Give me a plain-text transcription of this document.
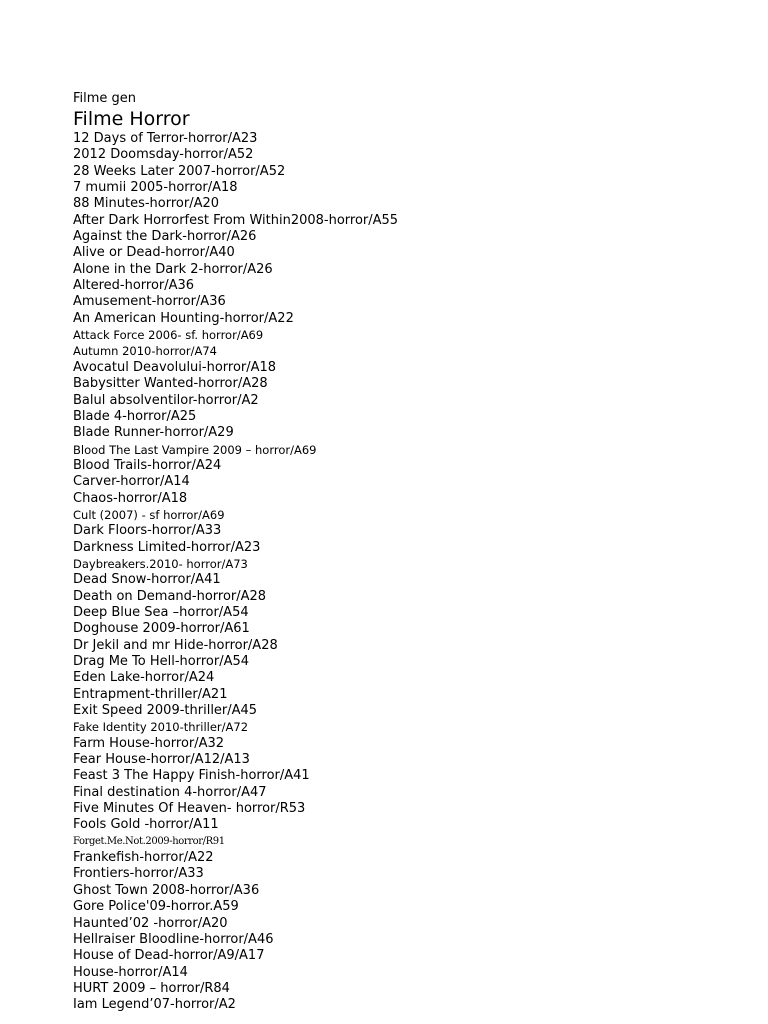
Filme gen
Filme Horror
12 Days of Terror-horror/A23
2012 Doomsday-horror/A52
28 Weeks Later 2007-horror/A52
7 mumii 2005-horror/A18
88 Minutes-horror/A20
After Dark Horrorfest From Within2008-horror/A55
Against the Dark-horror/A26
Alive or Dead-horror/A40
Alone in the Dark 2-horror/A26
Altered-horror/A36
Amusement-horror/A36
An American Hounting-horror/A22
Attack Force 2006- sf. horror/A69
Autumn 2010-horror/A74
Avocatul Deavolului-horror/A18
Babysitter Wanted-horror/A28
Balul absolventilor-horror/A2
Blade 4-horror/A25
Blade Runner-horror/A29
Blood The Last Vampire 2009 – horror/A69
Blood Trails-horror/A24
Carver-horror/A14
Chaos-horror/A18
Cult (2007) - sf horror/A69
Dark Floors-horror/A33
Darkness Limited-horror/A23
Daybreakers.2010- horror/A73
Dead Snow-horror/A41
Death on Demand-horror/A28
Deep Blue Sea –horror/A54
Doghouse 2009-horror/A61
Dr Jekil and mr Hide-horror/A28
Drag Me To Hell-horror/A54
Eden Lake-horror/A24
Entrapment-thriller/A21
Exit Speed 2009-thriller/A45
Fake Identity 2010-thriller/A72
Farm House-horror/A32
Fear House-horror/A12/A13
Feast 3 The Happy Finish-horror/A41
Final destination 4-horror/A47
Five Minutes Of Heaven- horror/R53
Fools Gold -horror/A11
Forget.Me.Not.2009-horror/R91
Frankefish-horror/A22
Frontiers-horror/A33
Ghost Town 2008-horror/A36
Gore Police'09-horror.A59
Haunted’02 -horror/A20
Hellraiser Bloodline-horror/A46
House of Dead-horror/A9/A17
House-horror/A14
HURT 2009 – horror/R84
Iam Legend’07-horror/A2
